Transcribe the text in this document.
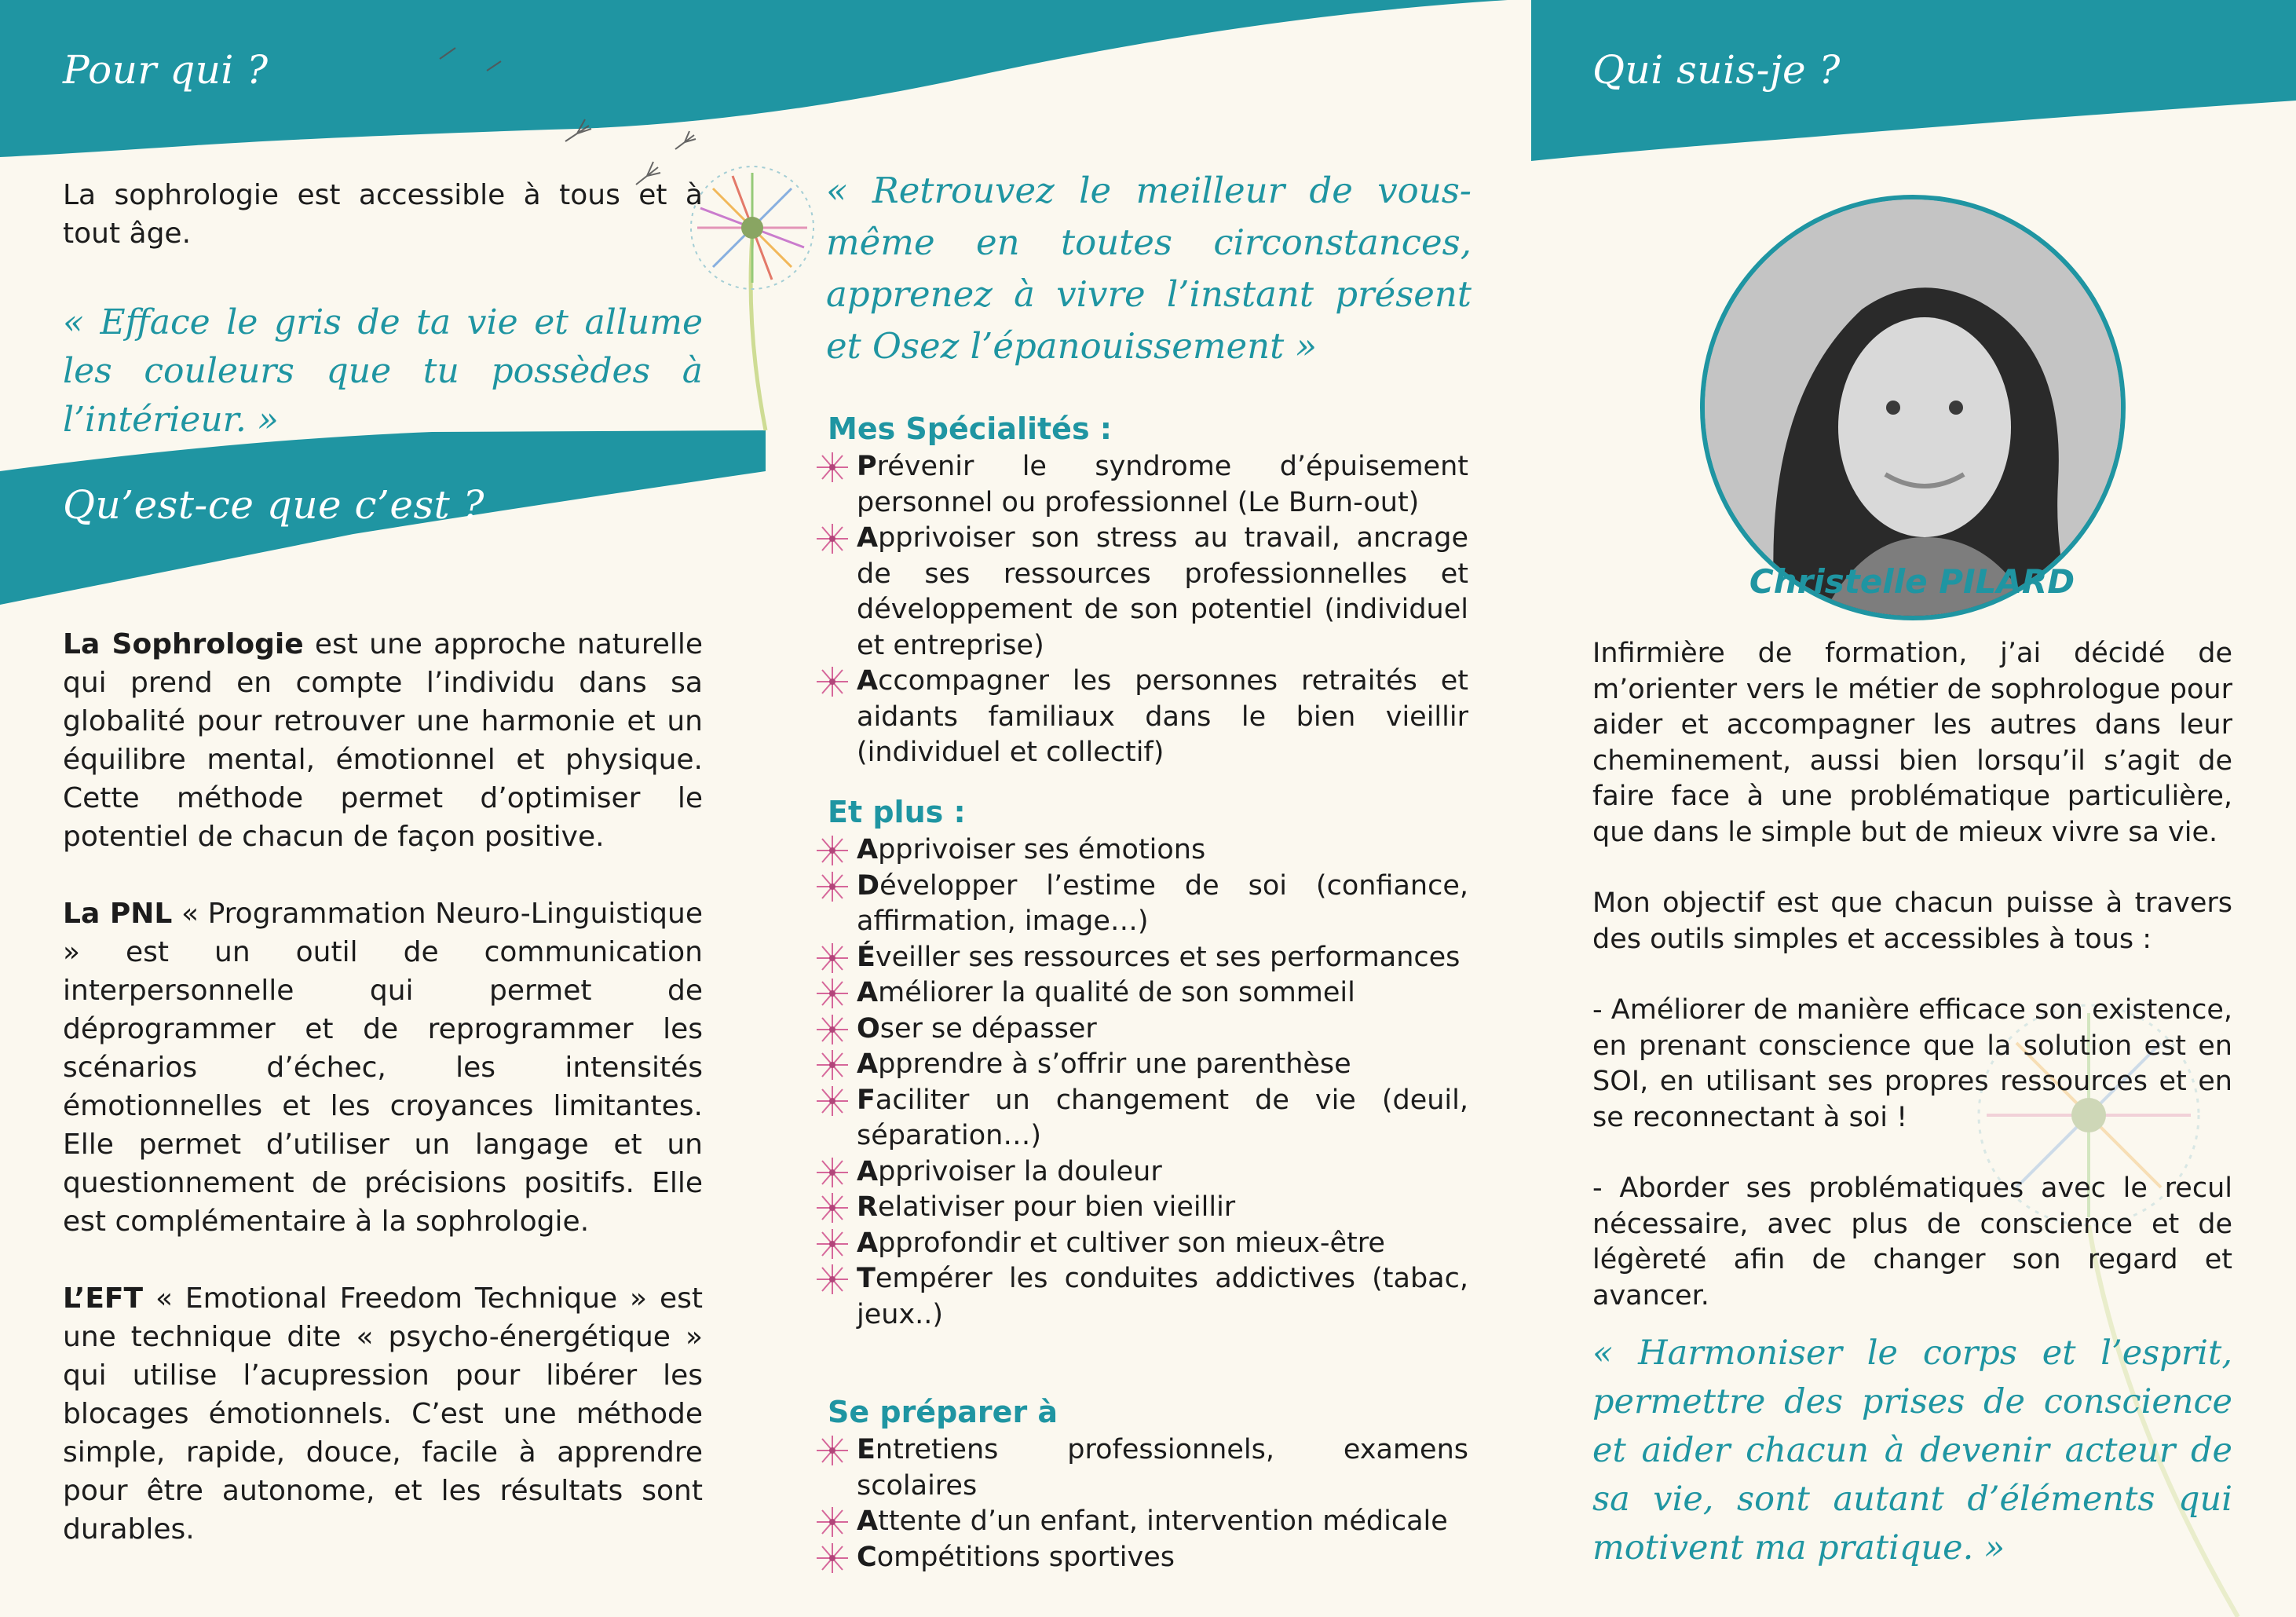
Pour qui ?
La sophrologie est accessible à tous et à tout âge.
« Efface le gris de ta vie et allume les couleurs que tu possèdes à l’intérieur. »
Qu’est-ce que c’est ?

La Sophrologie est une approche naturelle qui prend en compte l’individu dans sa globalité pour retrouver une harmonie et un équilibre mental, émotionnel et physique. Cette méthode permet d’optimiser le potentiel de chacun de façon positive.

La PNL « Programmation Neuro-Linguistique » est un outil de communication interpersonnelle qui permet de déprogrammer et de reprogrammer les scénarios d’échec, les intensités émotionnelles et les croyances limitantes. Elle permet d’utiliser un langage et un questionnement de précisions positifs. Elle est complémentaire à la sophrologie.

L’EFT « Emotional Freedom Technique » est une technique dite « psycho-énergétique » qui utilise l’acupression pour libérer les blocages émotionnels. C’est une méthode simple, rapide, douce, facile à apprendre pour être autonome, et les résultats sont durables.

« Retrouvez le meilleur de vous-même en toutes circonstances, apprenez à vivre l’instant présent et Osez l’épanouissement »
Mes Spécialités :
Prévenir le syndrome d’épuisement personnel ou professionnel (Le Burn-out)
Apprivoiser son stress au travail, ancrage de ses ressources professionnelles et développement de son potentiel (individuel et entreprise)
Accompagner les personnes retraités et aidants familiaux dans le bien vieillir (individuel et collectif)
Et plus :
Apprivoiser ses émotions
Développer l’estime de soi (confiance, affirmation, image…)
Éveiller ses ressources et ses performances
Améliorer la qualité de son sommeil
Oser se dépasser
Apprendre à s’offrir une parenthèse
Faciliter un changement de vie (deuil, séparation…)
Apprivoiser la douleur
Relativiser pour bien vieillir
Approfondir et cultiver son mieux-être
Tempérer les conduites addictives (tabac, jeux..)
Se préparer à
Entretiens professionnels, examens scolaires
Attente d’un enfant, intervention médicale
Compétitions sportives
Qui suis-je ?
Christelle PILARD

Infirmière de formation, j’ai décidé de m’orienter vers le métier de sophrologue pour aider et accompagner les autres dans leur cheminement, aussi bien lorsqu’il s’agit de faire face à une problématique particulière, que dans le simple but de mieux vivre sa vie.

Mon objectif est que chacun puisse à travers des outils simples et accessibles à tous :

- Améliorer de manière efficace son existence, en prenant conscience que la solution est en SOI, en utilisant ses propres ressources et en se reconnectant à soi !

- Aborder ses problématiques avec le recul nécessaire, avec plus de conscience et de légèreté afin de changer son regard et avancer.

« Harmoniser le corps et l’esprit, permettre des prises de conscience et aider chacun à devenir acteur de sa vie, sont autant d’éléments qui motivent ma pratique. »
